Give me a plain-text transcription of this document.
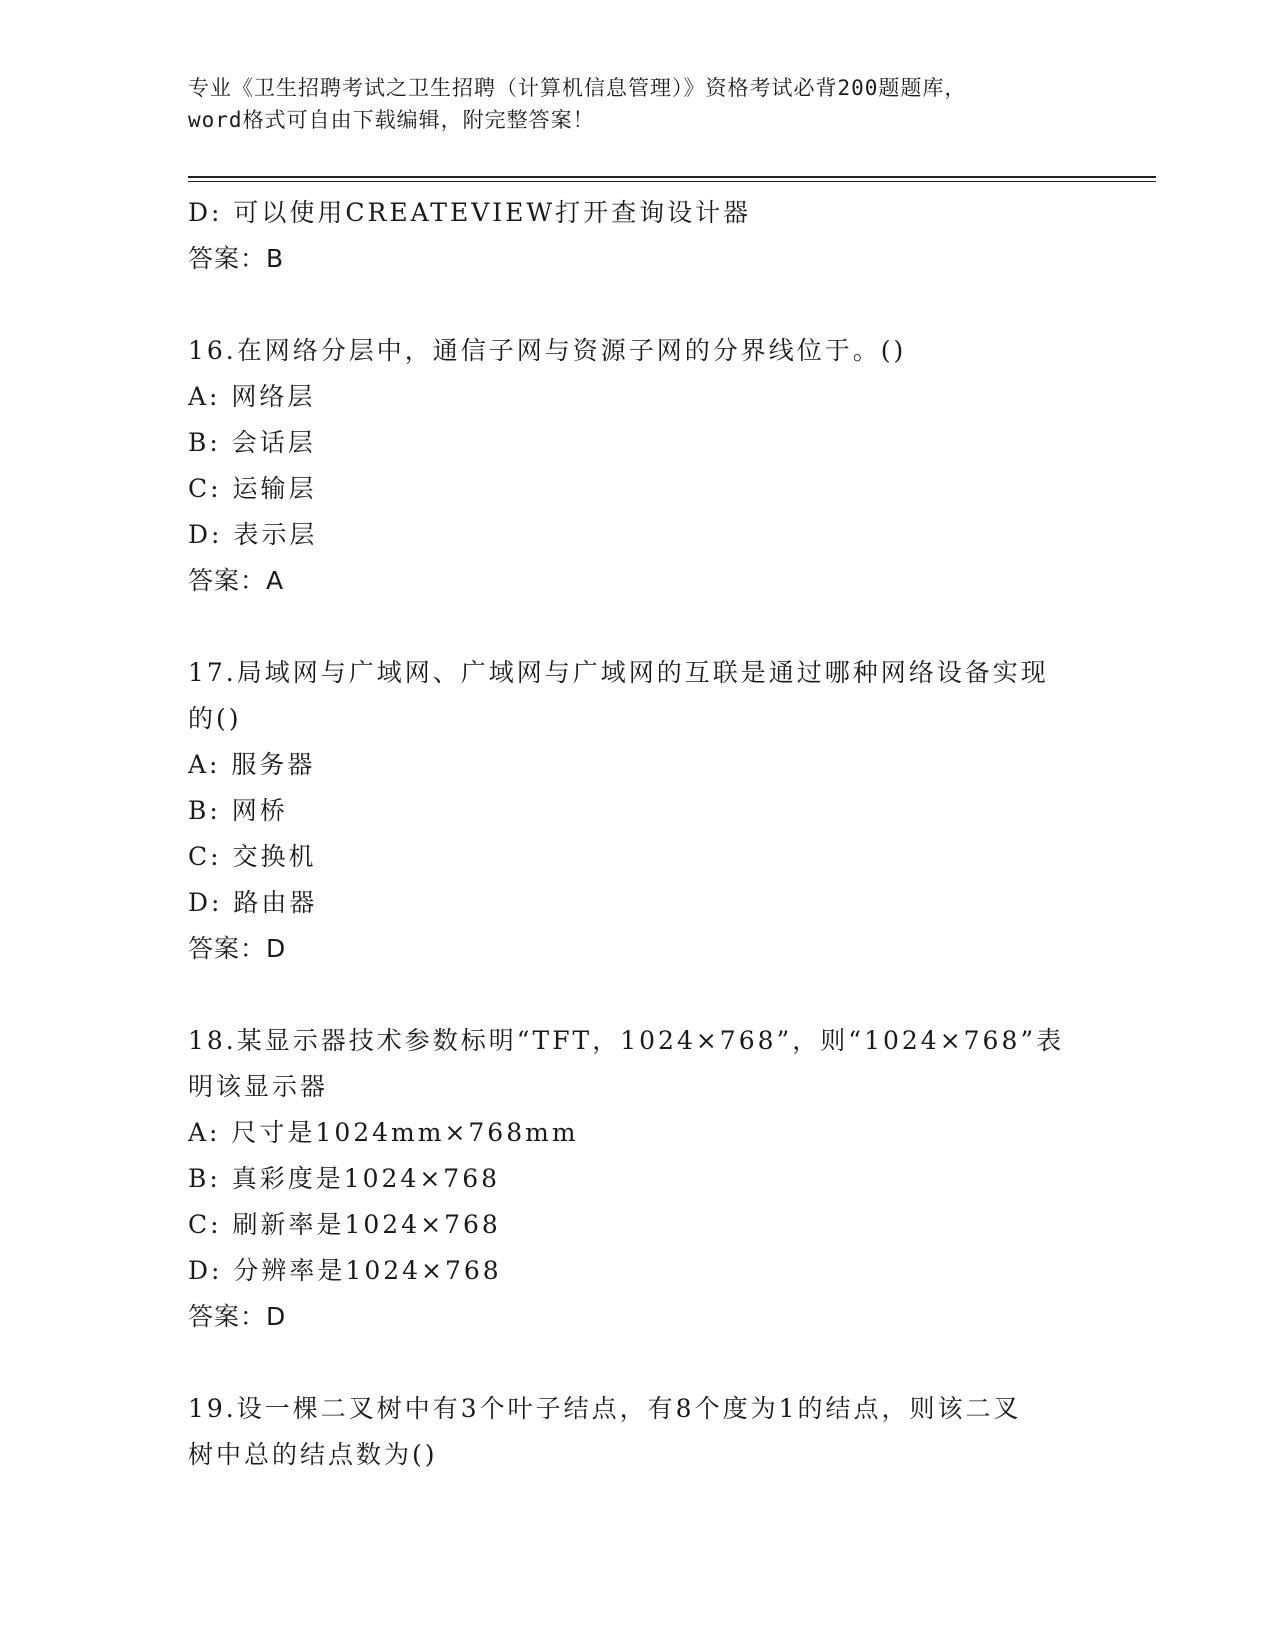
专业《卫生招聘考试之卫生招聘（计算机信息管理）》资格考试必背200题题库，
word格式可自由下载编辑，附完整答案！
D: 可以使用CREATEVIEW打开查询设计器
答案：B
16.在网络分层中，通信子网与资源子网的分界线位于。()
A: 网络层
B: 会话层
C: 运输层
D: 表示层
答案：A
17.局域网与广域网、广域网与广域网的互联是通过哪种网络设备实现
的()
A: 服务器
B: 网桥
C: 交换机
D: 路由器
答案：D
18.某显示器技术参数标明“TFT，1024×768”，则“1024×768”表
明该显示器
A: 尺寸是1024mm×768mm
B: 真彩度是1024×768
C: 刷新率是1024×768
D: 分辨率是1024×768
答案：D
19.设一棵二叉树中有3个叶子结点，有8个度为1的结点，则该二叉
树中总的结点数为()
